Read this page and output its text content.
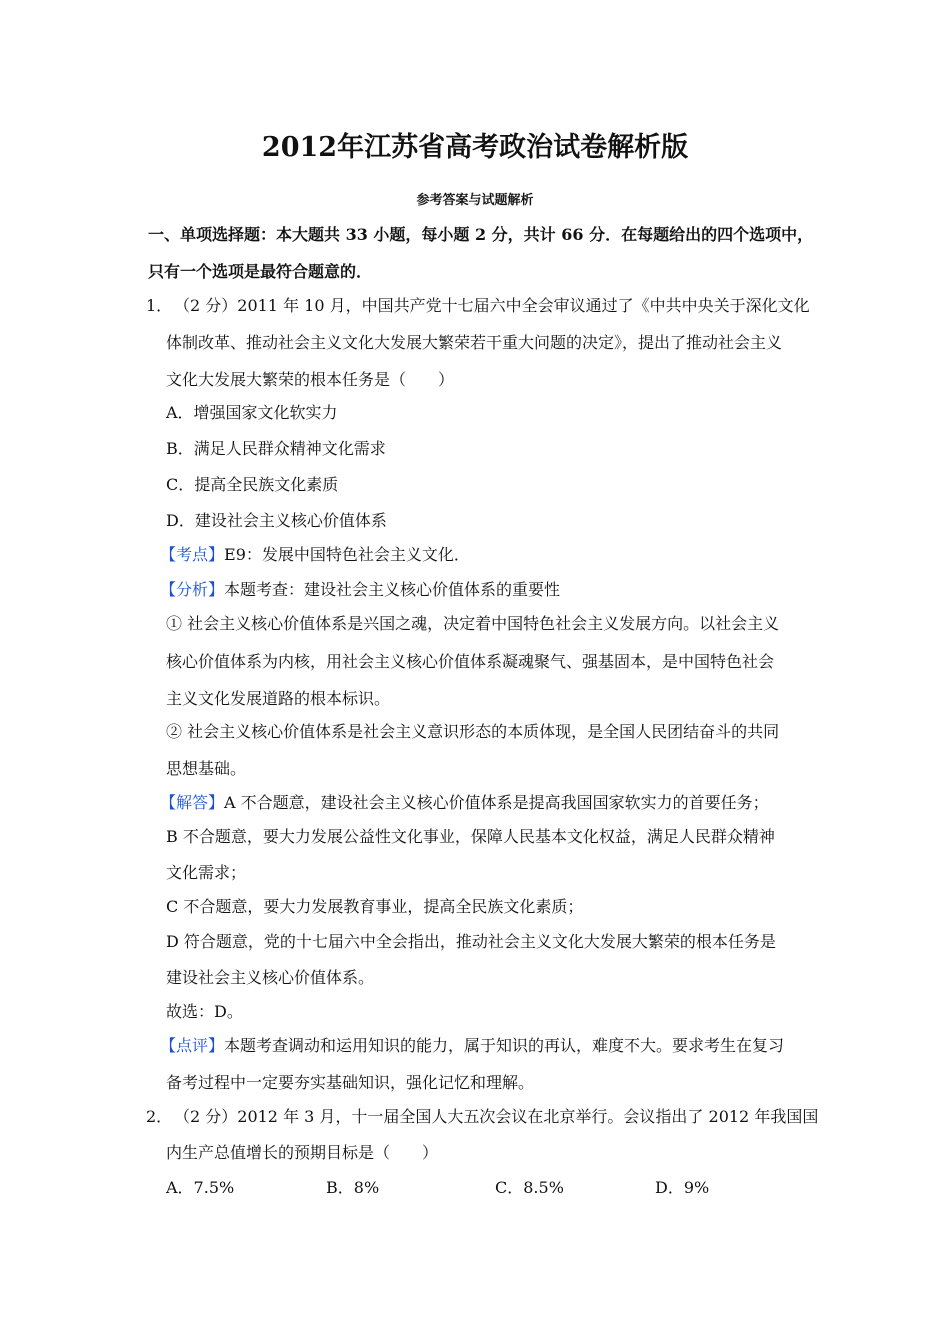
2012年江苏省高考政治试卷解析版
参考答案与试题解析
一、单项选择题：本大题共 33 小题，每小题 2 分，共计 66 分．在每题给出的四个选项中，
只有一个选项是最符合题意的．
1． （2 分）2011 年 10 月，中国共产党十七届六中全会审议通过了《中共中央关于深化文化
体制改革、推动社会主义文化大发展大繁荣若干重大问题的决定》，提出了推动社会主义
文化大发展大繁荣的根本任务是（　　）
A．增强国家文化软实力
B．满足人民群众精神文化需求
C．提高全民族文化素质
D．建设社会主义核心价值体系
【考点】E9：发展中国特色社会主义文化．
【分析】本题考查：建设社会主义核心价值体系的重要性
① 社会主义核心价值体系是兴国之魂，决定着中国特色社会主义发展方向。以社会主义
核心价值体系为内核，用社会主义核心价值体系凝魂聚气、强基固本，是中国特色社会
主义文化发展道路的根本标识。
② 社会主义核心价值体系是社会主义意识形态的本质体现，是全国人民团结奋斗的共同
思想基础。
【解答】A 不合题意，建设社会主义核心价值体系是提高我国国家软实力的首要任务；
B 不合题意，要大力发展公益性文化事业，保障人民基本文化权益，满足人民群众精神
文化需求；
C 不合题意，要大力发展教育事业，提高全民族文化素质；
D 符合题意，党的十七届六中全会指出，推动社会主义文化大发展大繁荣的根本任务是
建设社会主义核心价值体系。
故选：D。
【点评】本题考查调动和运用知识的能力，属于知识的再认，难度不大。要求考生在复习
备考过程中一定要夯实基础知识，强化记忆和理解。
2． （2 分）2012 年 3 月，十一届全国人大五次会议在北京举行。会议指出了 2012 年我国国
内生产总值增长的预期目标是（　　）
A．7.5%	B．8%	C．8.5%	D．9%
